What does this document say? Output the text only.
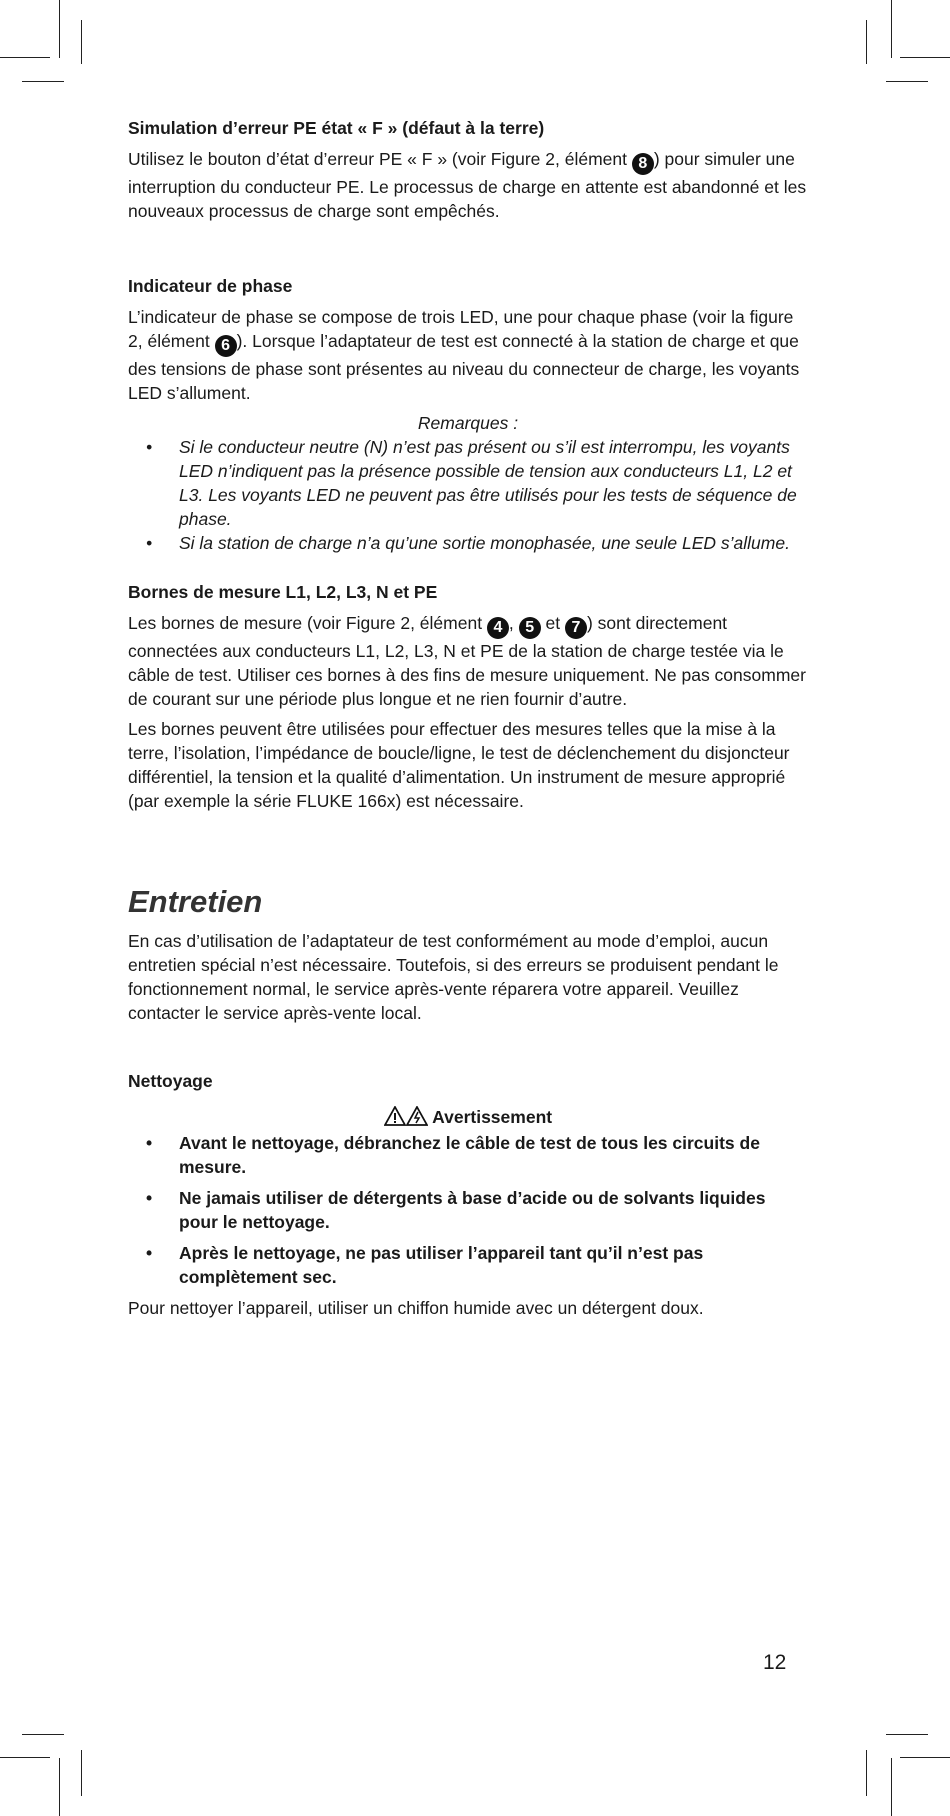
Simulation d’erreur PE état « F » (défaut à la terre)

Utilisez le bouton d’état d’erreur PE « F » (voir Figure 2, élément 8 ) pour simuler une interruption du conducteur PE. Le processus de charge en attente est abandonné et les nouveaux processus de charge sont empêchés.

Indicateur de phase

L’indicateur de phase se compose de trois LED, une pour chaque phase (voir la figure 2, élément 6 ). Lorsque l’adaptateur de test est connecté à la station de charge et que des tensions de phase sont présentes au niveau du connecteur de charge, les voyants LED s’allument.

Remarques :
• Si le conducteur neutre (N) n’est pas présent ou s’il est interrompu, les voyants LED n’indiquent pas la présence possible de tension aux conducteurs L1, L2 et L3. Les voyants LED ne peuvent pas être utilisés pour les tests de séquence de phase.
• Si la station de charge n’a qu’une sortie monophasée, une seule LED s’allume.
Bornes de mesure L1, L2, L3, N et PE

Les bornes de mesure (voir Figure 2, élément 4 , 5 et 7 ) sont directement connectées aux conducteurs L1, L2, L3, N et PE de la station de charge testée via le câble de test. Utiliser ces bornes à des fins de mesure uniquement. Ne pas consommer de courant sur une période plus longue et ne rien fournir d’autre.

Les bornes peuvent être utilisées pour effectuer des mesures telles que la mise à la terre, l’isolation, l’impédance de boucle/ligne, le test de déclenchement du disjoncteur différentiel, la tension et la qualité d’alimentation. Un instrument de mesure approprié (par exemple la série FLUKE 166x) est nécessaire.

Entretien

En cas d’utilisation de l’adaptateur de test conformément au mode d’emploi, aucun entretien spécial n’est nécessaire. Toutefois, si des erreurs se produisent pendant le fonctionnement normal, le service après-vente réparera votre appareil. Veuillez contacter le service après-vente local.

Nettoyage
Avertissement
• Avant le nettoyage, débranchez le câble de test de tous les circuits de mesure.
• Ne jamais utiliser de détergents à base d’acide ou de solvants liquides pour le nettoyage.
• Après le nettoyage, ne pas utiliser l’appareil tant qu’il n’est pas complètement sec.

Pour nettoyer l’appareil, utiliser un chiffon humide avec un détergent doux.

12
